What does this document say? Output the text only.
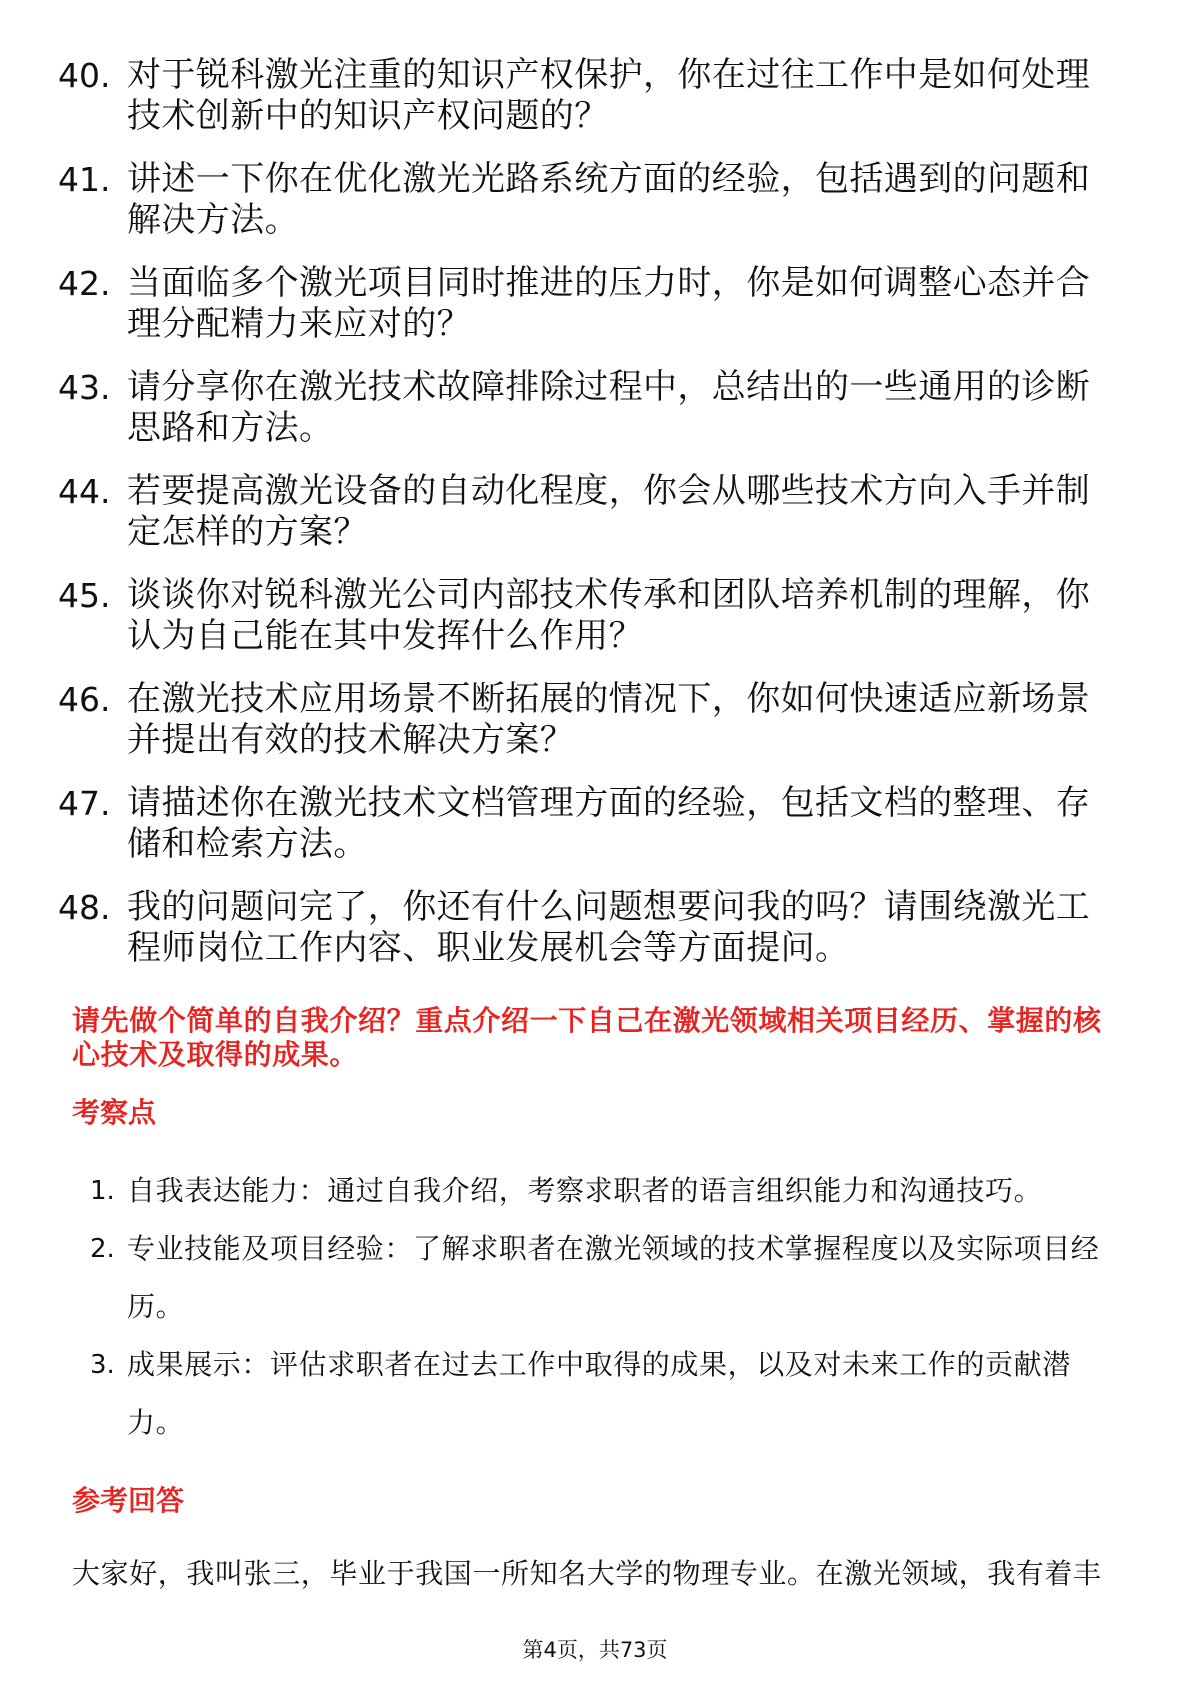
40. 对于锐科激光注重的知识产权保护，你在过往工作中是如何处理
技术创新中的知识产权问题的？
41. 讲述一下你在优化激光光路系统方面的经验，包括遇到的问题和
解决方法。
42. 当面临多个激光项目同时推进的压力时，你是如何调整心态并合
理分配精力来应对的？
43. 请分享你在激光技术故障排除过程中，总结出的一些通用的诊断
思路和方法。
44. 若要提高激光设备的自动化程度，你会从哪些技术方向入手并制
定怎样的方案？
45. 谈谈你对锐科激光公司内部技术传承和团队培养机制的理解，你
认为自己能在其中发挥什么作用？
46. 在激光技术应用场景不断拓展的情况下，你如何快速适应新场景
并提出有效的技术解决方案？
47. 请描述你在激光技术文档管理方面的经验，包括文档的整理、存
储和检索方法。
48. 我的问题问完了，你还有什么问题想要问我的吗？请围绕激光工
程师岗位工作内容、职业发展机会等方面提问。
请先做个简单的自我介绍？重点介绍一下自己在激光领域相关项目经历、掌握的核
心技术及取得的成果。
考察点
1. 自我表达能力：通过自我介绍，考察求职者的语言组织能力和沟通技巧。
2. 专业技能及项目经验：了解求职者在激光领域的技术掌握程度以及实际项目经
历。
3. 成果展示：评估求职者在过去工作中取得的成果，以及对未来工作的贡献潜
力。
参考回答
大家好，我叫张三，毕业于我国一所知名大学的物理专业。在激光领域，我有着丰
第4页，共73页
